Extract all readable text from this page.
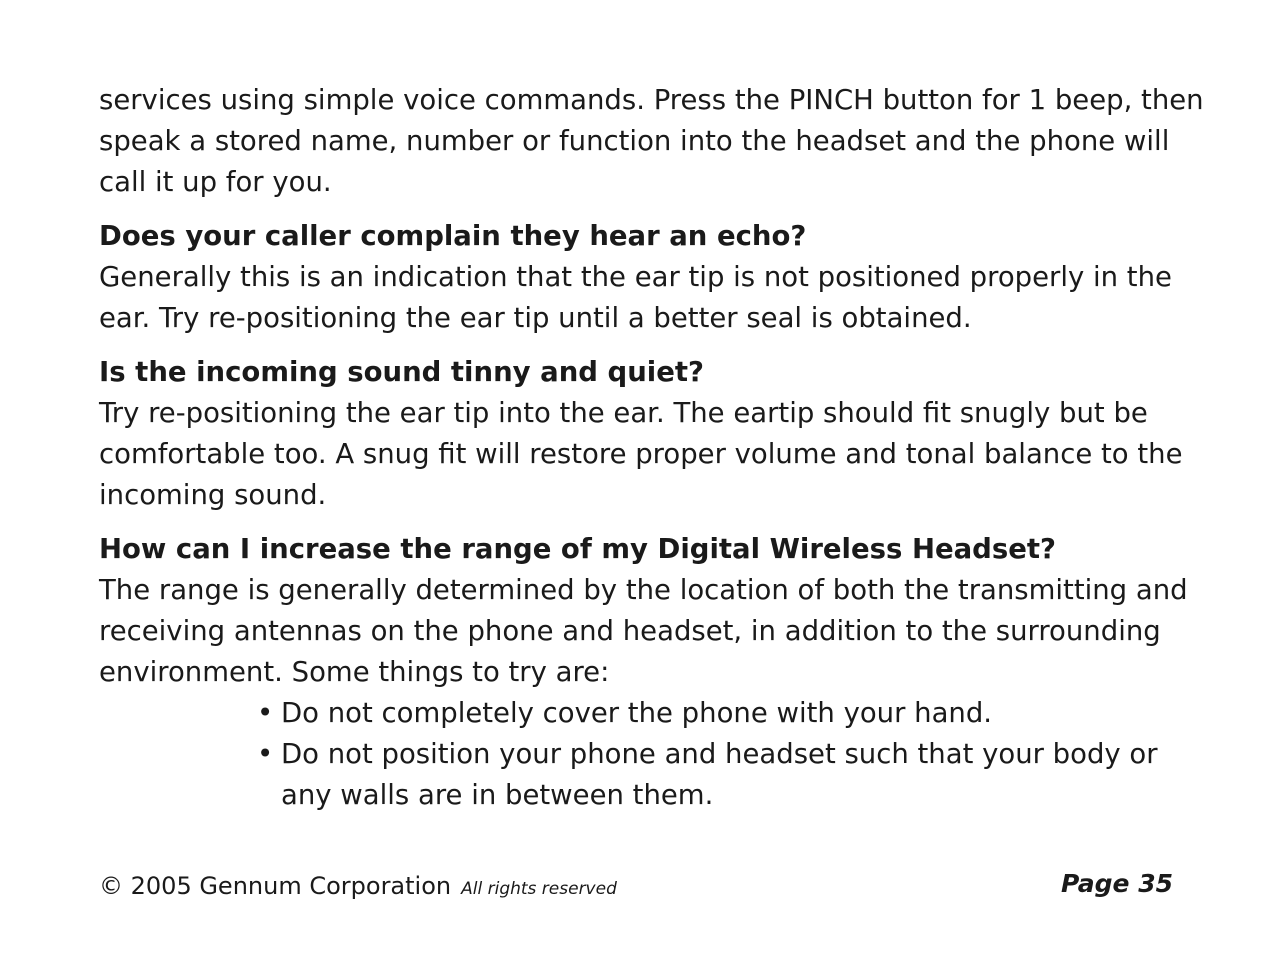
services using simple voice commands. Press the PINCH button for 1 beep, then speak a stored name, number or function into the headset and the phone will call it up for you.

Does your caller complain they hear an echo?

Generally this is an indication that the ear tip is not positioned properly in the ear. Try re-positioning the ear tip until a better seal is obtained.

Is the incoming sound tinny and quiet?

Try re-positioning the ear tip into the ear. The eartip should fit snugly but be comfortable too. A snug fit will restore proper volume and tonal balance to the incoming sound.

How can I increase the range of my Digital Wireless Headset?

The range is generally determined by the location of both the transmitting and receiving antennas on the phone and headset, in addition to the surrounding environment. Some things to try are:

• Do not completely cover the phone with your hand.
• Do not position your phone and headset such that your body or any walls are in between them.
© 2005 Gennum Corporation All rights reserved	Page 35
